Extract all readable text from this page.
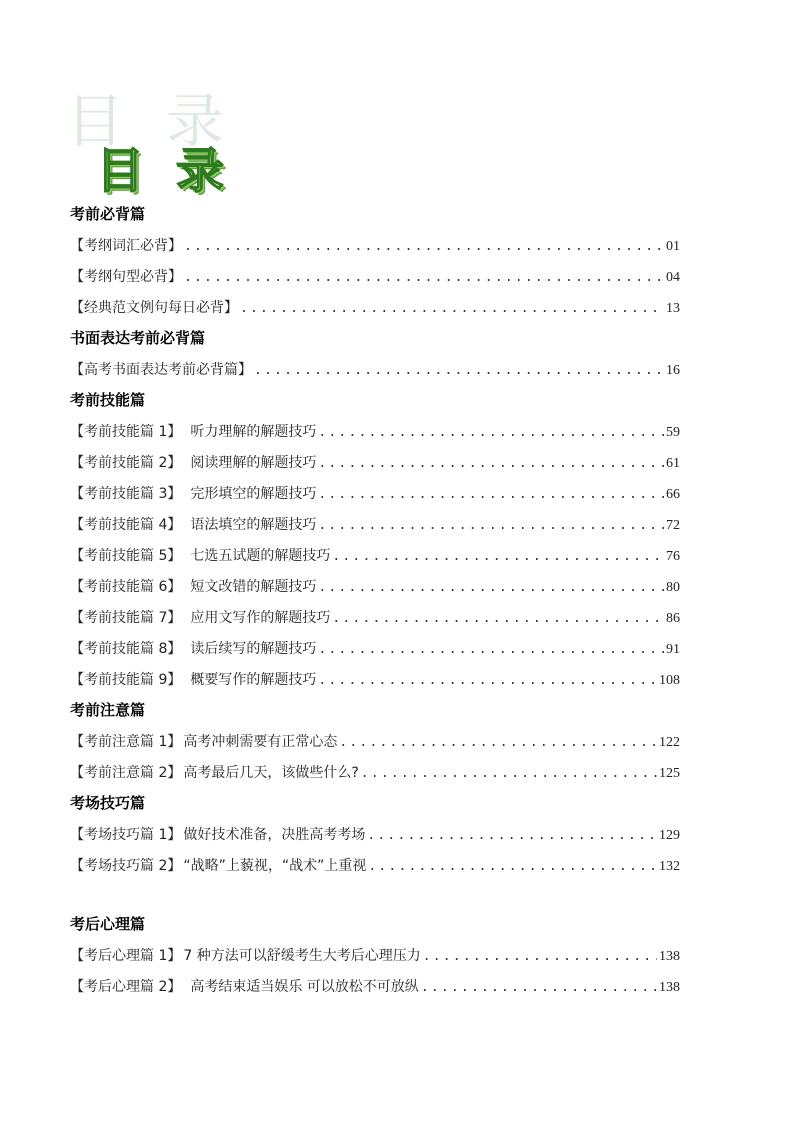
目 录
目 录
考前必背篇
【考纲词汇必背】 .....	01
【考纲句型必背】 .....	04
【经典范文例句每日必背】 .....	13
书面表达考前必背篇
【高考书面表达考前必背篇】 .....	16
考前技能篇
【考前技能篇 1】 听力理解的解题技巧 .....	59
【考前技能篇 2】 阅读理解的解题技巧 .....	61
【考前技能篇 3】 完形填空的解题技巧 .....	66
【考前技能篇 4】 语法填空的解题技巧 .....	72
【考前技能篇 5】 七选五试题的解题技巧 .....	76
【考前技能篇 6】 短文改错的解题技巧 .....	80
【考前技能篇 7】 应用文写作的解题技巧 .....	86
【考前技能篇 8】 读后续写的解题技巧 .....	91
【考前技能篇 9】 概要写作的解题技巧 .....	108
考前注意篇
【考前注意篇 1】 高考冲刺需要有正常心态 .....	122
【考前注意篇 2】 高考最后几天，该做些什么? .....	125
考场技巧篇
【考场技巧篇 1】 做好技术准备，决胜高考考场 .....	129
【考场技巧篇 2】 “战略”上藐视，“战术”上重视 .....	132
考后心理篇
【考后心理篇 1】 7 种方法可以舒缓考生大考后心理压力 .....	138
【考后心理篇 2】 高考结束适当娱乐 可以放松不可放纵 .....	138
